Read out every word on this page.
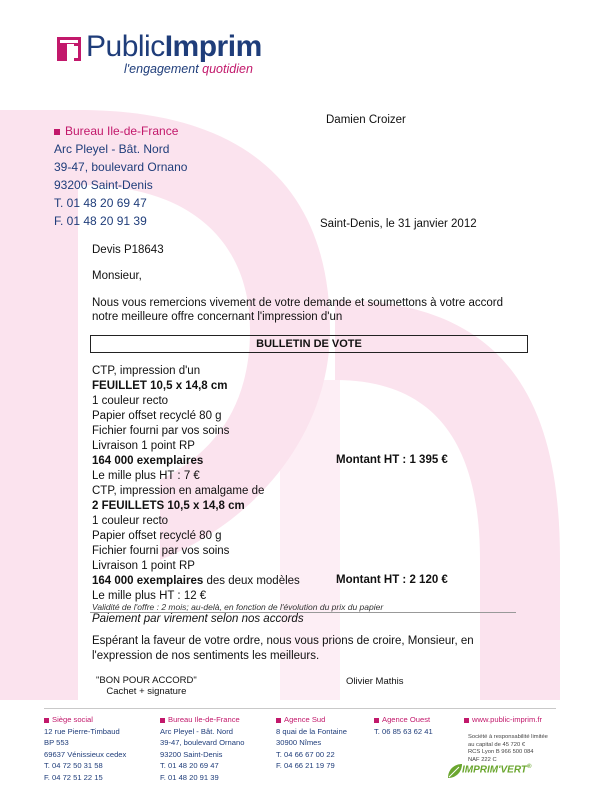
PublicImprim
l'engagement quotidien
Bureau Ile-de-France
Arc Pleyel - Bât. Nord
39-47, boulevard Ornano
93200 Saint-Denis
T. 01 48 20 69 47
F. 01 48 20 91 39
Damien Croizer
Saint-Denis, le 31 janvier 2012
Devis P18643
Monsieur,
Nous vous remercions vivement de votre demande et soumettons à votre accord notre meilleure offre concernant l'impression d'un
BULLETIN DE VOTE
CTP, impression d'un
FEUILLET 10,5 x 14,8 cm
1 couleur recto
Papier offset recyclé 80 g
Fichier fourni par vos soins
Livraison 1 point RP
164 000 exemplaires
Le mille plus HT : 7 €
Montant HT : 1 395 €
CTP, impression en amalgame de
2 FEUILLETS 10,5 x 14,8 cm
1 couleur recto
Papier offset recyclé 80 g
Fichier fourni par vos soins
Livraison 1 point RP
164 000 exemplaires des deux modèles
Le mille plus HT : 12 €
Montant HT : 2 120 €
Validité de l'offre : 2 mois; au-delà, en fonction de l'évolution du prix du papier
Paiement par virement selon nos accords
Espérant la faveur de votre ordre, nous vous prions de croire, Monsieur, en l'expression de nos sentiments les meilleurs.
"BON POUR ACCORD"
Cachet + signature
Olivier Mathis
Siège social
12 rue Pierre-Timbaud
BP 553
69637 Vénissieux cedex
T. 04 72 50 31 58
F. 04 72 51 22 15
Bureau Ile-de-France
Arc Pleyel - Bât. Nord
39-47, boulevard Ornano
93200 Saint-Denis
T. 01 48 20 69 47
F. 01 48 20 91 39
Agence Sud
8 quai de la Fontaine
30900 Nîmes
T. 04 66 67 00 22
F. 04 66 21 19 79
Agence Ouest
T. 06 85 63 62 41
www.public-imprim.fr
Société à responsabilité limitée
au capital de 45 720 €
RCS Lyon B 966 500 084
NAF 222 C
IMPRIM'VERT®
